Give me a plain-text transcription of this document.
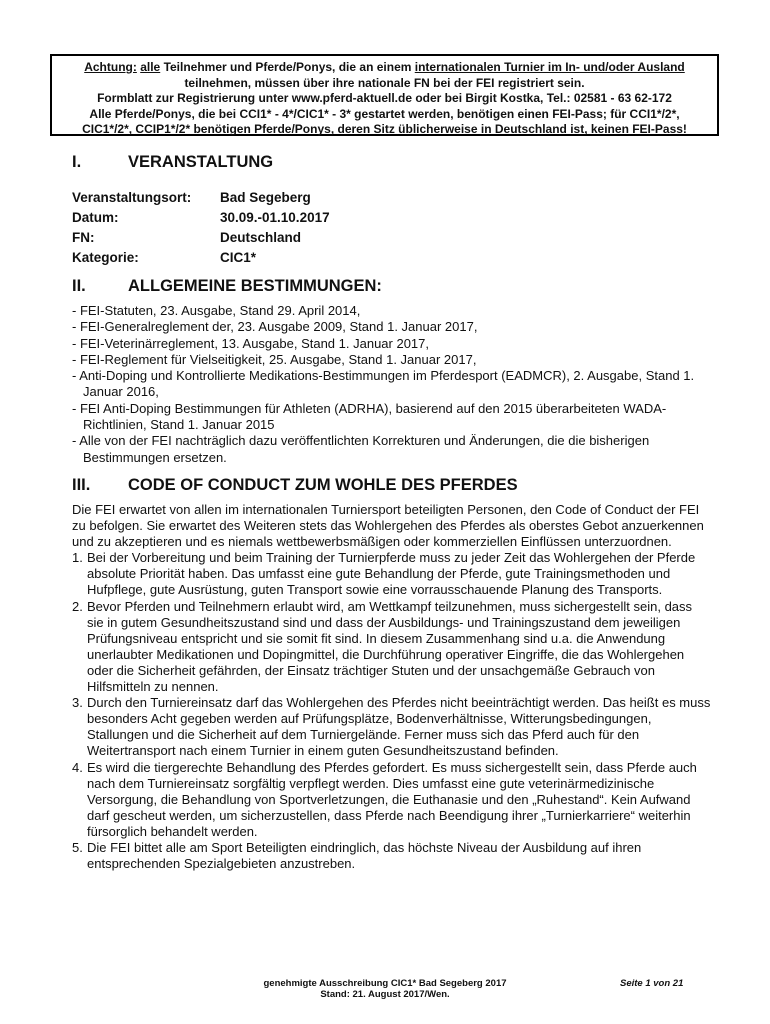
Achtung: alle Teilnehmer und Pferde/Ponys, die an einem internationalen Turnier im In- und/oder Ausland
teilnehmen, müssen über ihre nationale FN bei der FEI registriert sein.
Formblatt zur Registrierung unter www.pferd-aktuell.de oder bei Birgit Kostka, Tel.: 02581 - 63 62-172
Alle Pferde/Ponys, die bei CCI1* - 4*/CIC1* - 3* gestartet werden, benötigen einen FEI-Pass; für CCI1*/2*,
CIC1*/2*, CCIP1*/2* benötigen Pferde/Ponys, deren Sitz üblicherweise in Deutschland ist, keinen FEI-Pass!
I.	VERANSTALTUNG
Veranstaltungsort:	Bad Segeberg
Datum:	30.09.-01.10.2017
FN:	Deutschland
Kategorie:	CIC1*
II.	ALLGEMEINE BESTIMMUNGEN:
- FEI-Statuten, 23. Ausgabe, Stand 29. April 2014,
- FEI-Generalreglement der, 23. Ausgabe 2009, Stand 1. Januar 2017,
- FEI-Veterinärreglement, 13. Ausgabe, Stand 1. Januar 2017,
- FEI-Reglement für Vielseitigkeit, 25. Ausgabe, Stand 1. Januar 2017,
- Anti-Doping und Kontrollierte Medikations-Bestimmungen im Pferdesport (EADMCR), 2. Ausgabe, Stand 1. Januar 2016,
- FEI Anti-Doping Bestimmungen für Athleten (ADRHA), basierend auf den 2015 überarbeiteten WADA-Richtlinien, Stand 1. Januar 2015
- Alle von der FEI nachträglich dazu veröffentlichten Korrekturen und Änderungen, die die bisherigen Bestimmungen ersetzen.
III. CODE OF CONDUCT ZUM WOHLE DES PFERDES
Die FEI erwartet von allen im internationalen Turniersport beteiligten Personen, den Code of Conduct der FEI zu befolgen. Sie erwartet des Weiteren stets das Wohlergehen des Pferdes als oberstes Gebot anzuerkennen und zu akzeptieren und es niemals wettbewerbsmäßigen oder kommerziellen Einflüssen unterzuordnen.
1. Bei der Vorbereitung und beim Training der Turnierpferde muss zu jeder Zeit das Wohlergehen der Pferde absolute Priorität haben. Das umfasst eine gute Behandlung der Pferde, gute Trainingsmethoden und Hufpflege, gute Ausrüstung, guten Transport sowie eine vorrausschauende Planung des Transports.
2. Bevor Pferden und Teilnehmern erlaubt wird, am Wettkampf teilzunehmen, muss sichergestellt sein, dass sie in gutem Gesundheitszustand sind und dass der Ausbildungs- und Trainingszustand dem jeweiligen Prüfungsniveau entspricht und sie somit fit sind. In diesem Zusammenhang sind u.a. die Anwendung unerlaubter Medikationen und Dopingmittel, die Durchführung operativer Eingriffe, die das Wohlergehen oder die Sicherheit gefährden, der Einsatz trächtiger Stuten und der unsachgemäße Gebrauch von Hilfsmitteln zu nennen.
3. Durch den Turniereinsatz darf das Wohlergehen des Pferdes nicht beeinträchtigt werden. Das heißt es muss besonders Acht gegeben werden auf Prüfungsplätze, Bodenverhältnisse, Witterungsbedingungen, Stallungen und die Sicherheit auf dem Turniergelände. Ferner muss sich das Pferd auch für den Weitertransport nach einem Turnier in einem guten Gesundheitszustand befinden.
4. Es wird die tiergerechte Behandlung des Pferdes gefordert. Es muss sichergestellt sein, dass Pferde auch nach dem Turniereinsatz sorgfältig verpflegt werden. Dies umfasst eine gute veterinärmedizinische Versorgung, die Behandlung von Sportverletzungen, die Euthanasie und den „Ruhestand“. Kein Aufwand darf gescheut werden, um sicherzustellen, dass Pferde nach Beendigung ihrer „Turnierkarriere“ weiterhin fürsorglich behandelt werden.
5. Die FEI bittet alle am Sport Beteiligten eindringlich, das höchste Niveau der Ausbildung auf ihren entsprechenden Spezialgebieten anzustreben.
genehmigte Ausschreibung CIC1* Bad Segeberg 2017
Stand: 21. August 2017/Wen.
Seite 1 von 21
